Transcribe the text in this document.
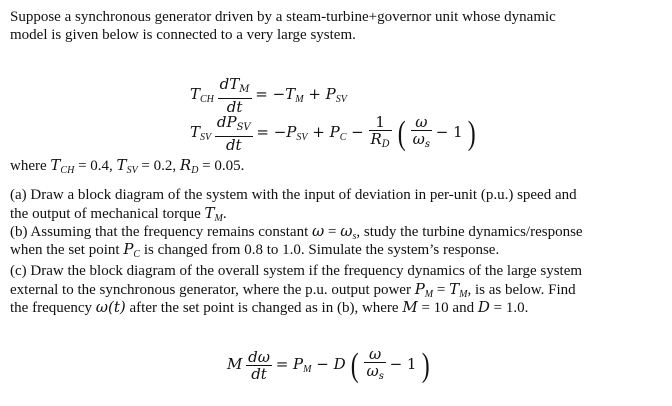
Suppose a synchronous generator driven by a steam-turbine+governor unit whose dynamic
model is given below is connected to a very large system.
$T_{CH} \frac{dT_M}{dt} = -T_M + P_{SV}$
$T_{SV} \frac{dP_{SV}}{dt} = -P_{SV} + P_C - \frac{1}{R_D}$ ( $\frac{\omega}{\omega_s} - 1$ )
where $T_{CH} = 0.4$, $T_{SV} = 0.2$, $R_D = 0.05$.
(a) Draw a block diagram of the system with the input of deviation in per-unit (p.u.) speed and
the output of mechanical torque $T_M$.
(b) Assuming that the frequency remains constant $\omega = \omega_s$, study the turbine dynamics/response
when the set point $P_C$ is changed from 0.8 to 1.0. Simulate the system’s response.
(c) Draw the block diagram of the overall system if the frequency dynamics of the large system
external to the synchronous generator, where the p.u. output power $P_M = T_M$, is as below. Find
the frequency ω(t) after the set point is changed as in (b), where M = 10 and D = 1.0.
M $\frac{d\omega}{dt} = P_M - D$ ( $\frac{\omega}{\omega_s} - 1$ )
